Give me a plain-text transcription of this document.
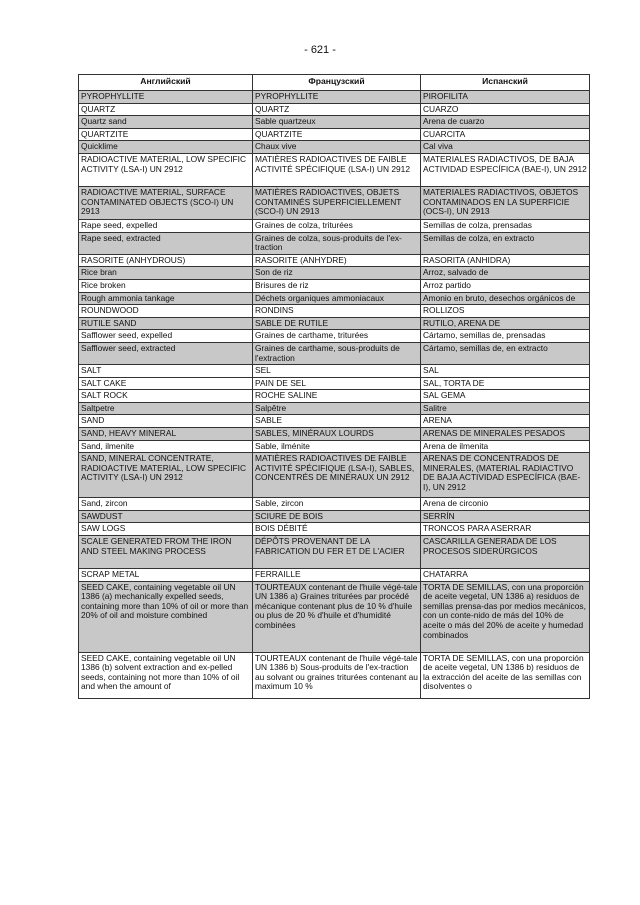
- 621 -
Английский	Французский	Испанский
PYROPHYLLITE	PYROPHYLLITE	PIROFILITA
QUARTZ	QUARTZ	CUARZO
Quartz sand	Sable quartzeux	Arena de cuarzo
QUARTZITE	QUARTZITE	CUARCITA
Quicklime	Chaux vive	Cal viva
RADIOACTIVE MATERIAL, LOW SPECIFIC ACTIVITY (LSA-I) UN 2912	MATIÈRES RADIOACTIVES DE FAIBLE ACTIVITÉ SPÉCIFIQUE (LSA-I) UN 2912	MATERIALES RADIACTIVOS, DE BAJA ACTIVIDAD ESPECÍFICA (BAE-I), UN 2912
RADIOACTIVE MATERIAL, SURFACE CONTAMINATED OBJECTS (SCO-I) UN 2913	MATIÈRES RADIOACTIVES, OBJETS CONTAMINÉS SUPERFICIELLEMENT (SCO-I) UN 2913	MATERIALES RADIACTIVOS, OBJETOS CONTAMINADOS EN LA SUPERFICIE (OCS-I), UN 2913
Rape seed, expelled	Graines de colza, triturées	Semillas de colza, prensadas
Rape seed, extracted	Graines de colza, sous-produits de l'ex-traction	Semillas de colza, en extracto
RASORITE (ANHYDROUS)	RASORITE (ANHYDRE)	RASORITA (ANHIDRA)
Rice bran	Son de riz	Arroz, salvado de
Rice broken	Brisures de riz	Arroz partido
Rough ammonia tankage	Déchets organiques ammoniacaux	Amonio en bruto, desechos orgánicos de
ROUNDWOOD	RONDINS	ROLLIZOS
RUTILE SAND	SABLE DE RUTILE	RUTILO, ARENA DE
Safflower seed, expelled	Graines de carthame, triturées	Cártamo, semillas de, prensadas
Safflower seed, extracted	Graines de carthame, sous-produits de l'extraction	Cártamo, semillas de, en extracto
SALT	SEL	SAL
SALT CAKE	PAIN DE SEL	SAL, TORTA DE
SALT ROCK	ROCHE SALINE	SAL GEMA
Saltpetre	Salpêtre	Salitre
SAND	SABLE	ARENA
SAND, HEAVY MINERAL	SABLES, MINÉRAUX LOURDS	ARENAS DE MINERALES PESADOS
Sand, ilmenite	Sable, ilménite	Arena de ilmenita
SAND, MINERAL CONCENTRATE, RADIOACTIVE MATERIAL, LOW SPECIFIC ACTIVITY (LSA-I) UN 2912	MATIÈRES RADIOACTIVES DE FAIBLE ACTIVITÉ SPÉCIFIQUE (LSA-I), SABLES, CONCENTRÉS DE MINÉRAUX UN 2912	ARENAS DE CONCENTRADOS DE MINERALES, (MATERIAL RADIACTIVO DE BAJA ACTIVIDAD ESPECÍFICA (BAE-I), UN 2912
Sand, zircon	Sable, zircon	Arena de circonio
SAWDUST	SCIURE DE BOIS	SERRÍN
SAW LOGS	BOIS DÉBITÉ	TRONCOS PARA ASERRAR
SCALE GENERATED FROM THE IRON AND STEEL MAKING PROCESS	DÉPÔTS PROVENANT DE LA FABRICATION DU FER ET DE L'ACIER	CASCARILLA GENERADA DE LOS PROCESOS SIDERÚRGICOS
SCRAP METAL	FERRAILLE	CHATARRA
SEED CAKE, containing vegetable oil UN 1386 (a) mechanically expelled seeds, containing more than 10% of oil or more than 20% of oil and moisture combined	TOURTEAUX contenant de l'huile végé-tale UN 1386 a) Graines triturées par procédé mécanique contenant plus de 10 % d'huile ou plus de 20 % d'huile et d'humidité combinées	TORTA DE SEMILLAS, con una proporción de aceite vegetal, UN 1386 a) residuos de semillas prensa-das por medios mecánicos, con un conte-nido de más del 10% de aceite o más del 20% de aceite y humedad combinados
SEED CAKE, containing vegetable oil UN 1386 (b) solvent extraction and ex-pelled seeds, containing not more than 10% of oil and when the amount of	TOURTEAUX contenant de l'huile végé-tale UN 1386 b) Sous-produits de l'ex-traction au solvant ou graines triturées contenant au maximum 10 %	TORTA DE SEMILLAS, con una proporción de aceite vegetal, UN 1386 b) residuos de la extracción del aceite de las semillas con disolventes o
